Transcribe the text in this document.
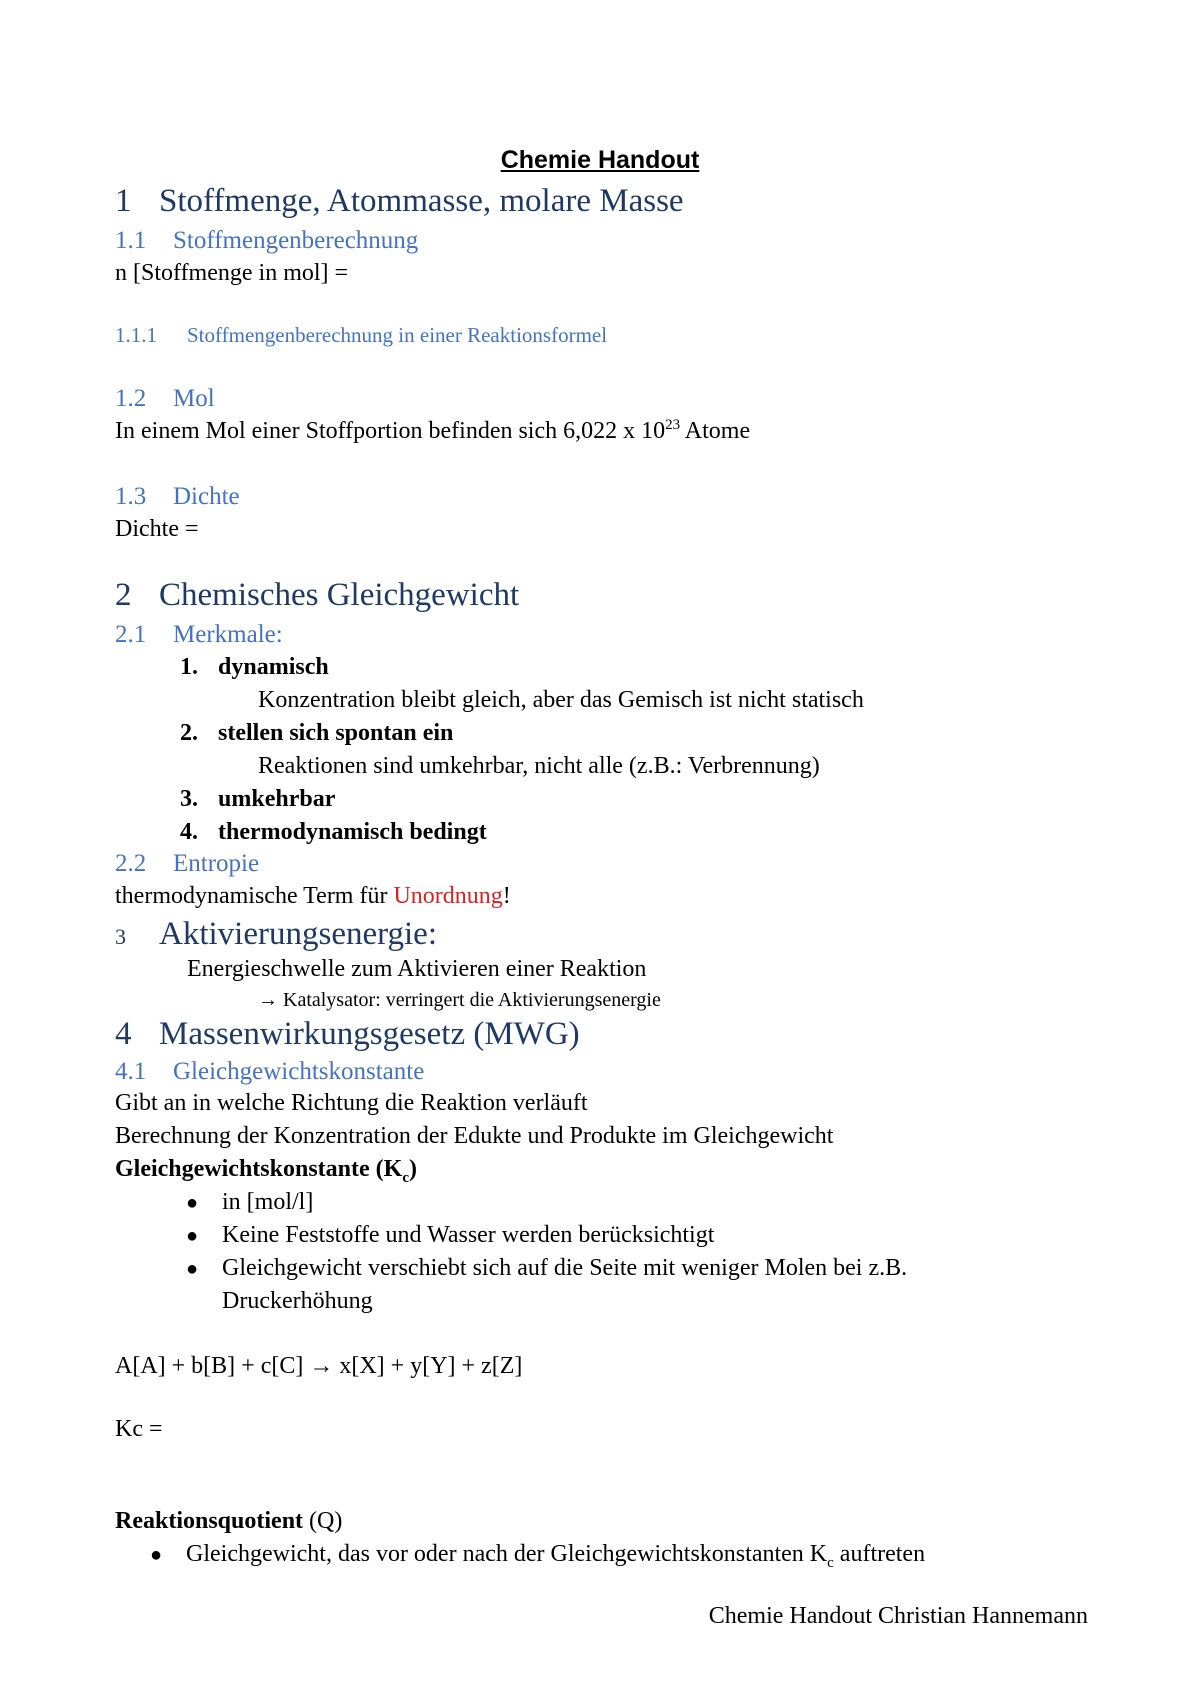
Chemie Handout
1 Stoffmenge, Atommasse, molare Masse
1.1 Stoffmengenberechnung
n [Stoffmenge in mol] =
1.1.1 Stoffmengenberechnung in einer Reaktionsformel
1.2 Mol
In einem Mol einer Stoffportion befinden sich 6,022 x $10^{23}$ Atome
1.3 Dichte
Dichte =
2 Chemisches Gleichgewicht
2.1 Merkmale:
1. dynamisch
Konzentration bleibt gleich, aber das Gemisch ist nicht statisch
2. stellen sich spontan ein
Reaktionen sind umkehrbar, nicht alle (z.B.: Verbrennung)
3. umkehrbar
4. thermodynamisch bedingt
2.2 Entropie
thermodynamische Term für Unordnung!
3 Aktivierungsenergie:
Energieschwelle zum Aktivieren einer Reaktion
→ Katalysator: verringert die Aktivierungsenergie
4 Massenwirkungsgesetz (MWG)
4.1 Gleichgewichtskonstante
Gibt an in welche Richtung die Reaktion verläuft
Berechnung der Konzentration der Edukte und Produkte im Gleichgewicht
Gleichgewichtskonstante $(K_c)$
● in [mol/l]
● Keine Feststoffe und Wasser werden berücksichtigt
● Gleichgewicht verschiebt sich auf die Seite mit weniger Molen bei z.B.
Druckerhöhung
A[A] + b[B] + c[C] → x[X] + y[Y] + z[Z]
Kc =
Reaktionsquotient (Q)
● Gleichgewicht, das vor oder nach der Gleichgewichtskonstanten $K_c$ auftreten
Chemie Handout Christian Hannemann
